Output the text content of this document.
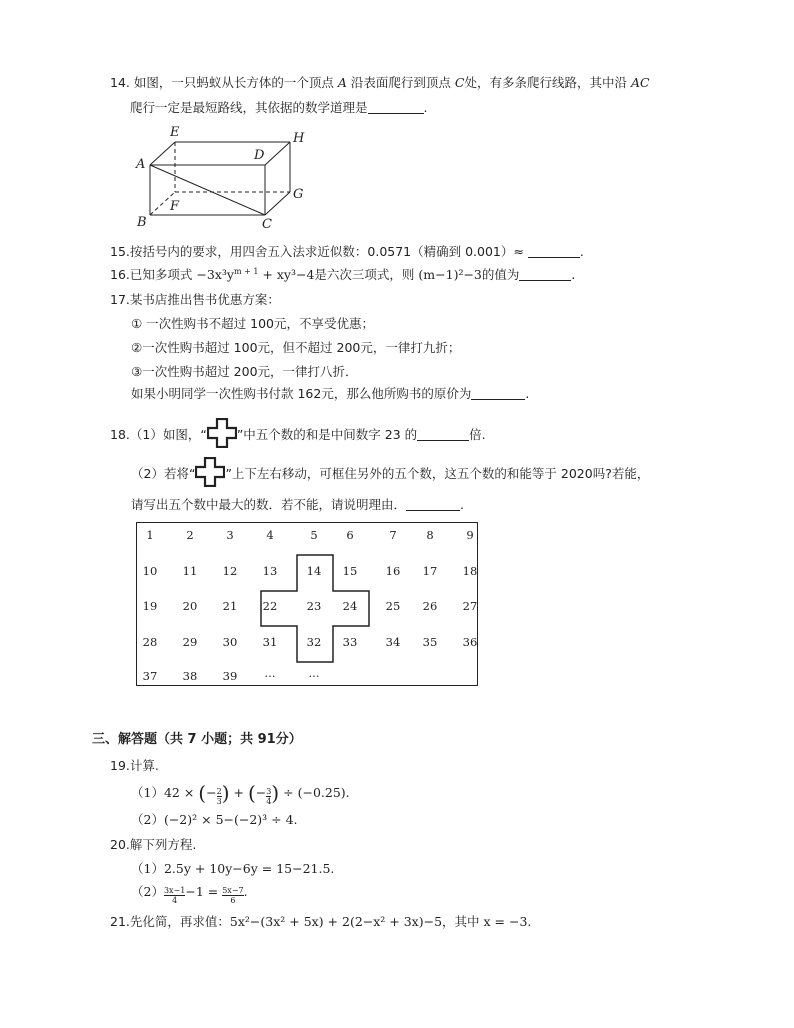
14. 如图，一只蚂蚁从长方体的一个顶点 A 沿表面爬行到顶点 C处，有多条爬行线路，其中沿 AC
爬行一定是最短路线，其依据的数学道理是	.
E	H
A
D
G
F
B	C
15.按括号内的要求，用四舍五入法求近似数：0.0571（精确到 0.001）≈	.
16.已知多项式 $-3x^3y^{m + 1} + xy^3-4$是六次三项式，则 (m−1)²−3的值为	.
17.某书店推出售书优惠方案：
① 一次性购书不超过 100元，不享受优惠；
②一次性购书超过 100元，但不超过 200元，一律打九折；
③一次性购书超过 200元，一律打八折．
如果小明同学一次性购书付款 162元，那么他所购书的原价为	.
18.（1）如图，“ ”中五个数的和是中间数字 23 的	倍.
（2）若将“ ”上下左右移动，可框住另外的五个数，这五个数的和能等于 2020吗?若能，
请写出五个数中最大的数．若不能，请说明理由．	.
1	2	3	4	5	6	7	8	9
10	11	12	13	14	15	16	17	18
19	20	21	22	23	24	25	26	27
28	29	30	31	32	33	34	35	36
37	38	39	···	···
三、解答题（共 7 小题；共 91分）
19.计算.
（1）42 × (− $\frac{2}{3}$ ) + (− $\frac{3}{4}$ ) ÷ (−0.25).
（2）(−2)² × 5−(−2)³ ÷ 4.
20.解下列方程.
（1）2.5y + 10y−6y = 15−21.5.
$(2) \frac{3x-1}{4} -1 = \frac{5x-7}{6}$ .
21.先化简，再求值：5x²−(3x² + 5x) + 2(2−x² + 3x)−5，其中 x = −3.
